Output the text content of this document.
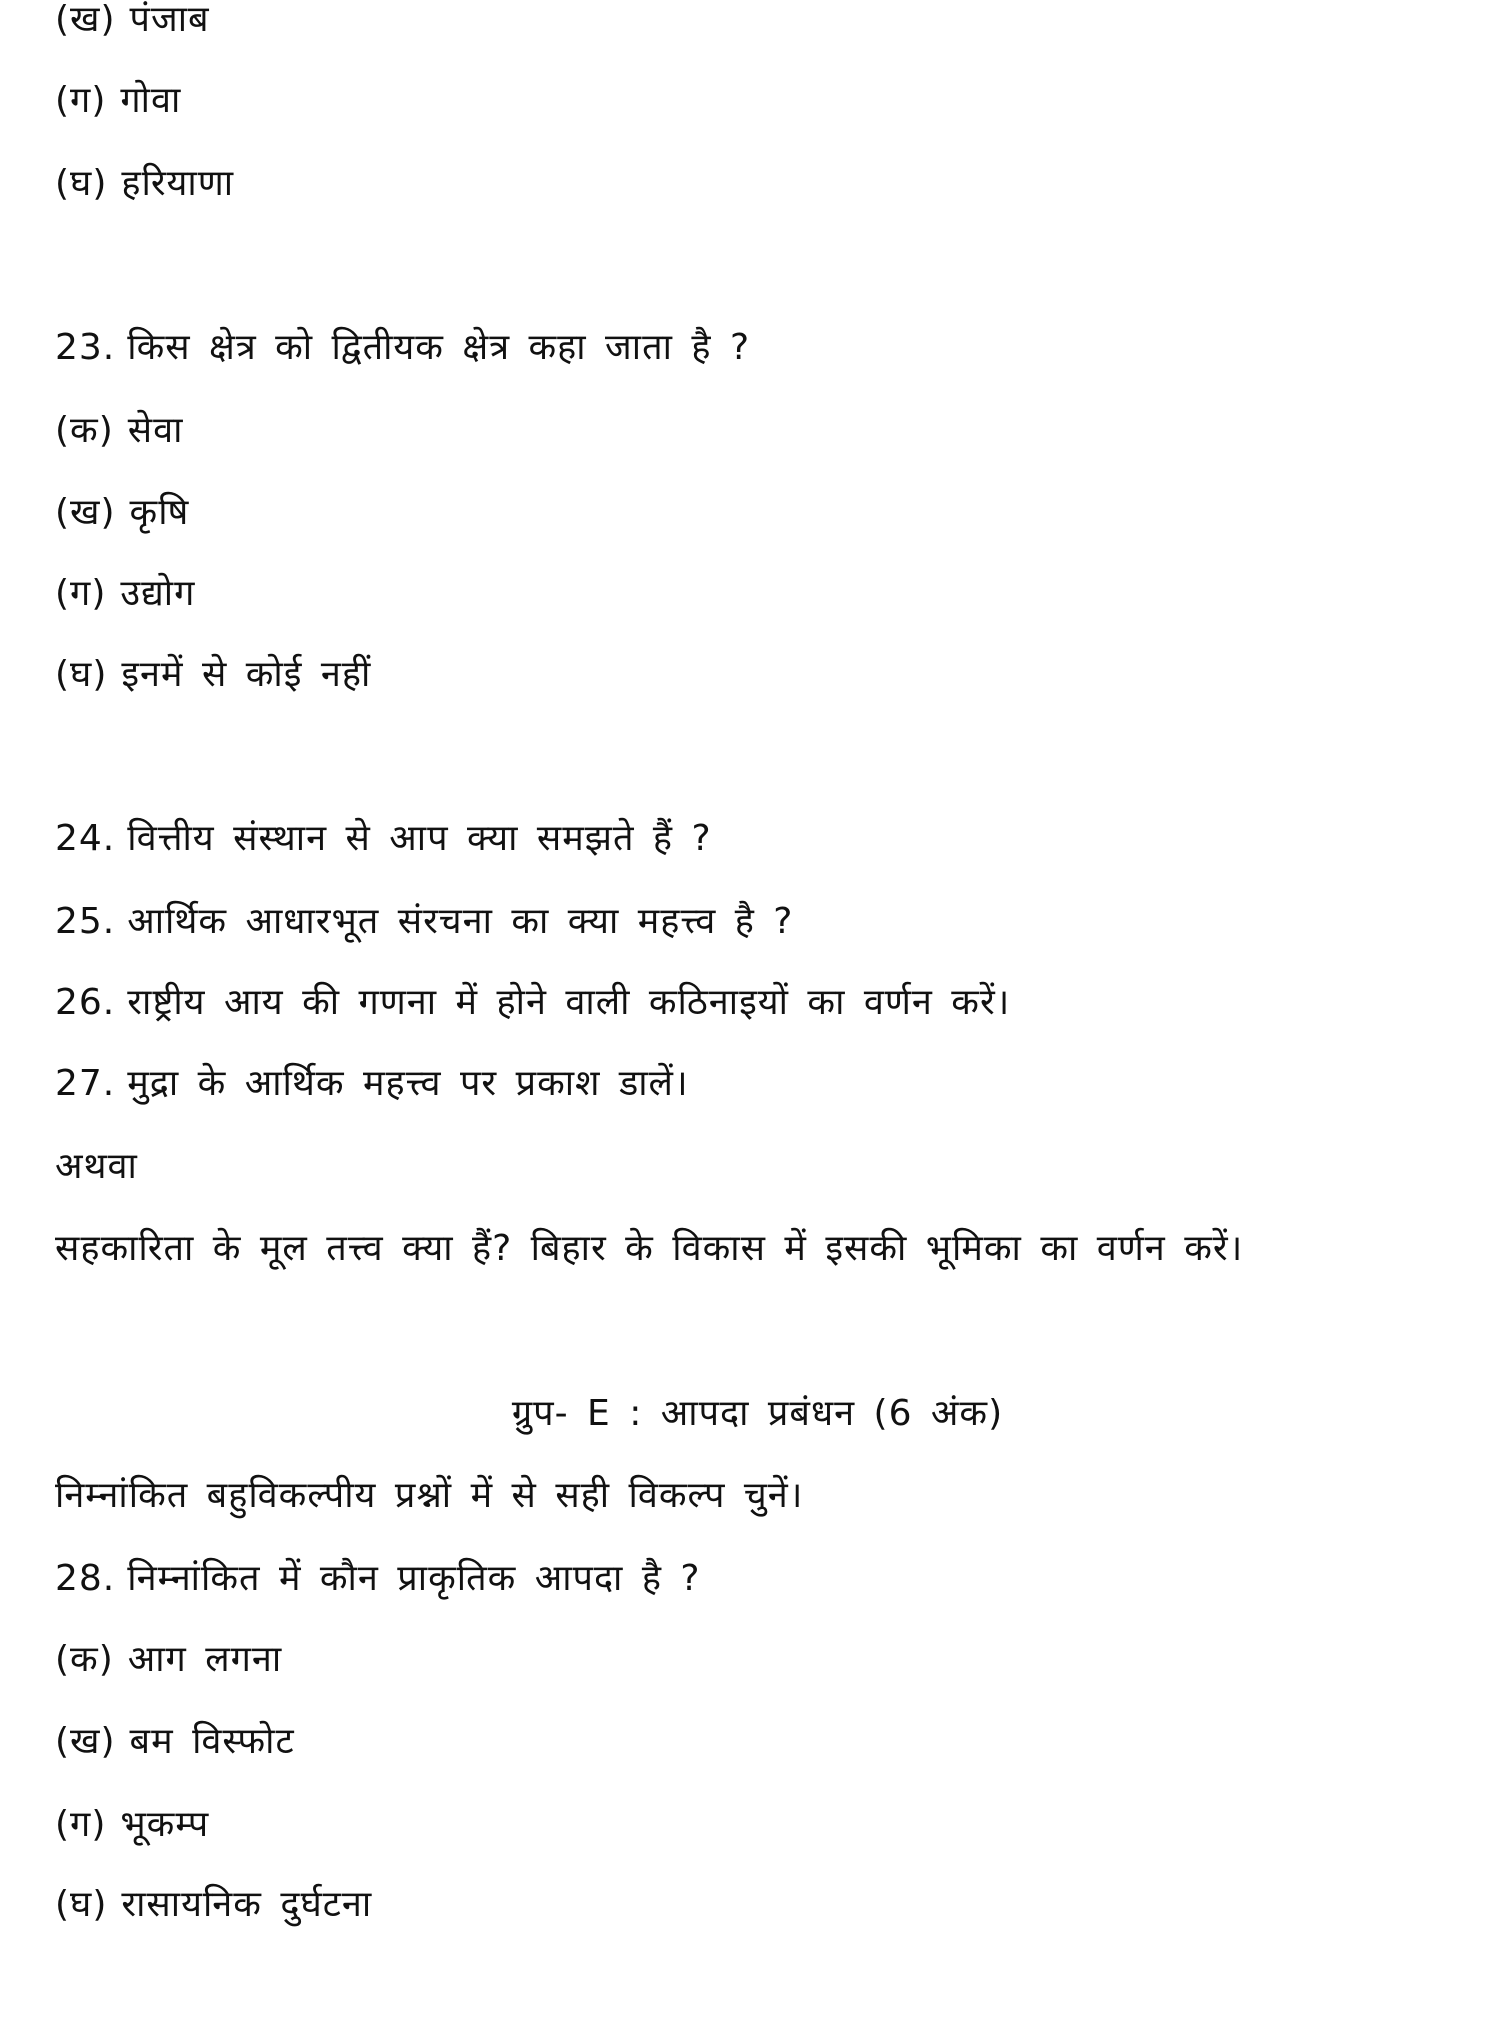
(ख) पंजाब
(ग) गोवा
(घ) हरियाणा
23. किस क्षेत्र को द्वितीयक क्षेत्र कहा जाता है ?
(क) सेवा
(ख) कृषि
(ग) उद्योग
(घ) इनमें से कोई नहीं
24. वित्तीय संस्थान से आप क्या समझते हैं ?
25. आर्थिक आधारभूत संरचना का क्या महत्त्व है ?
26. राष्ट्रीय आय की गणना में होने वाली कठिनाइयों का वर्णन करें।
27. मुद्रा के आर्थिक महत्त्व पर प्रकाश डालें।
अथवा
सहकारिता के मूल तत्त्व क्या हैं? बिहार के विकास में इसकी भूमिका का वर्णन करें।
ग्रुप- E : आपदा प्रबंधन (6 अंक)
निम्नांकित बहुविकल्पीय प्रश्नों में से सही विकल्प चुनें।
28. निम्नांकित में कौन प्राकृतिक आपदा है ?
(क) आग लगना
(ख) बम विस्फोट
(ग) भूकम्प
(घ) रासायनिक दुर्घटना
